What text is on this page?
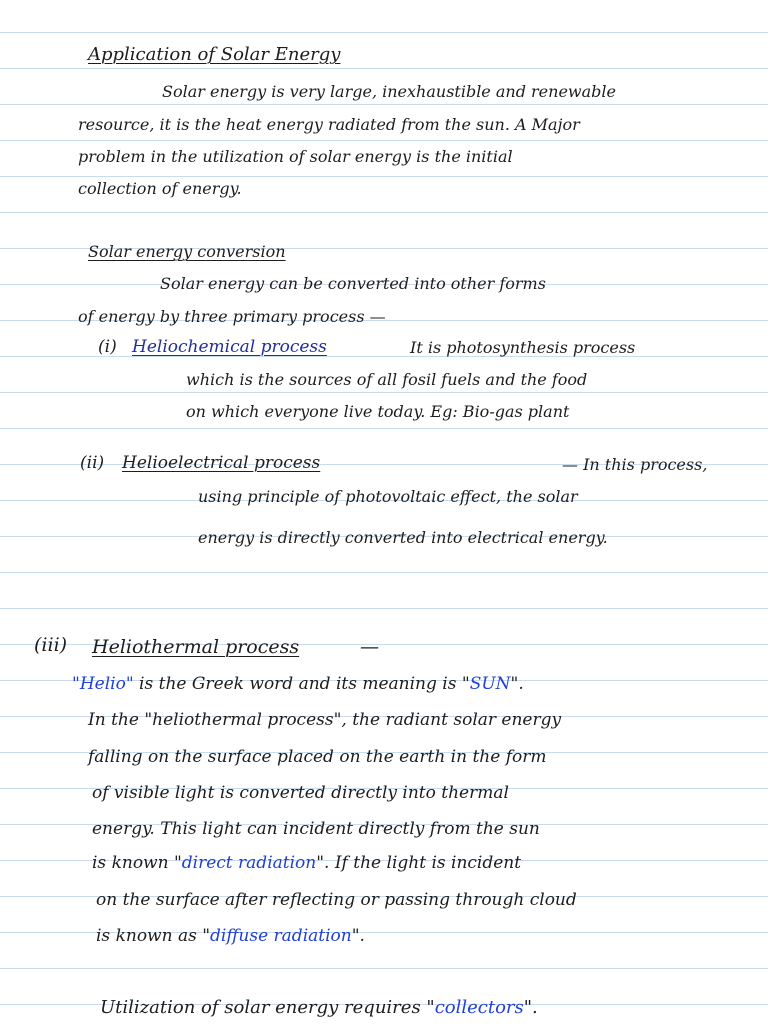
Application of Solar Energy
Solar energy is very large, inexhaustible and renewable
resource, it is the heat energy radiated from the sun. A Major
problem in the utilization of solar energy is the initial
collection of energy.
Solar energy conversion
Solar energy can be converted into other forms
of energy by three primary process —
(i) Heliochemical process	It is photosynthesis process
which is the sources of all fosil fuels and the food
on which everyone live today. Eg: Bio-gas plant
(ii) Helioelectrical process	— In this process,
using principle of photovoltaic effect, the solar
energy is directly converted into electrical energy.
(iii) Heliothermal process	—
"Helio" is the Greek word and its meaning is "SUN".
In the "heliothermal process", the radiant solar energy
falling on the surface placed on the earth in the form
of visible light is converted directly into thermal
energy. This light can incident directly from the sun
is known "direct radiation". If the light is incident
on the surface after reflecting or passing through cloud
is known as "diffuse radiation".
Utilization of solar energy requires "collectors".
